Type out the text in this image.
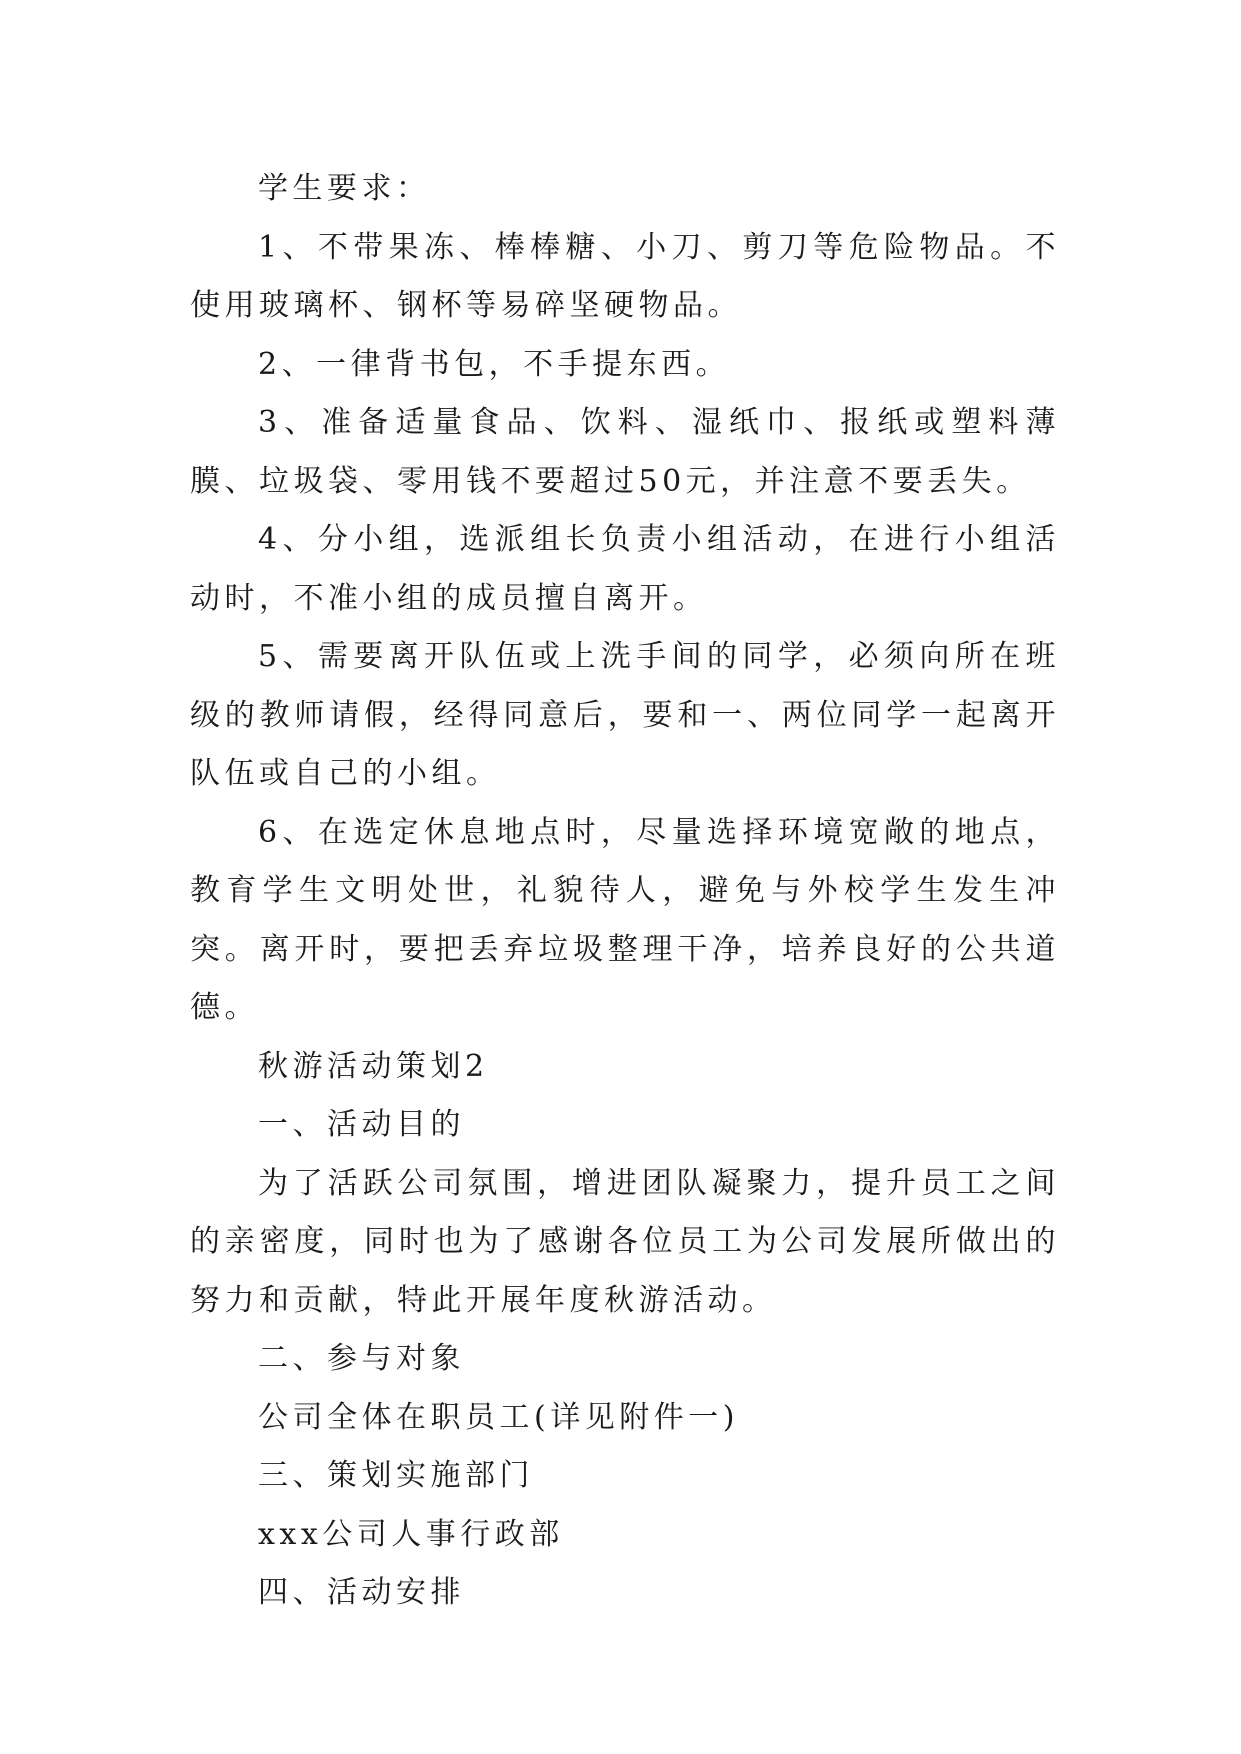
学生要求：

1、不带果冻、棒棒糖、小刀、剪刀等危险物品。不使用玻璃杯、钢杯等易碎坚硬物品。

2、一律背书包，不手提东西。

3、准备适量食品、饮料、湿纸巾、报纸或塑料薄膜、垃圾袋、零用钱不要超过50元，并注意不要丢失。

4、分小组，选派组长负责小组活动，在进行小组活动时，不准小组的成员擅自离开。

5、需要离开队伍或上洗手间的同学，必须向所在班级的教师请假，经得同意后，要和一、两位同学一起离开队伍或自己的小组。

6、在选定休息地点时，尽量选择环境宽敞的地点，教育学生文明处世，礼貌待人，避免与外校学生发生冲突。离开时，要把丢弃垃圾整理干净，培养良好的公共道德。

秋游活动策划2

一、活动目的

为了活跃公司氛围，增进团队凝聚力，提升员工之间的亲密度，同时也为了感谢各位员工为公司发展所做出的努力和贡献，特此开展年度秋游活动。

二、参与对象

公司全体在职员工(详见附件一)

三、策划实施部门

xxx公司人事行政部

四、活动安排
